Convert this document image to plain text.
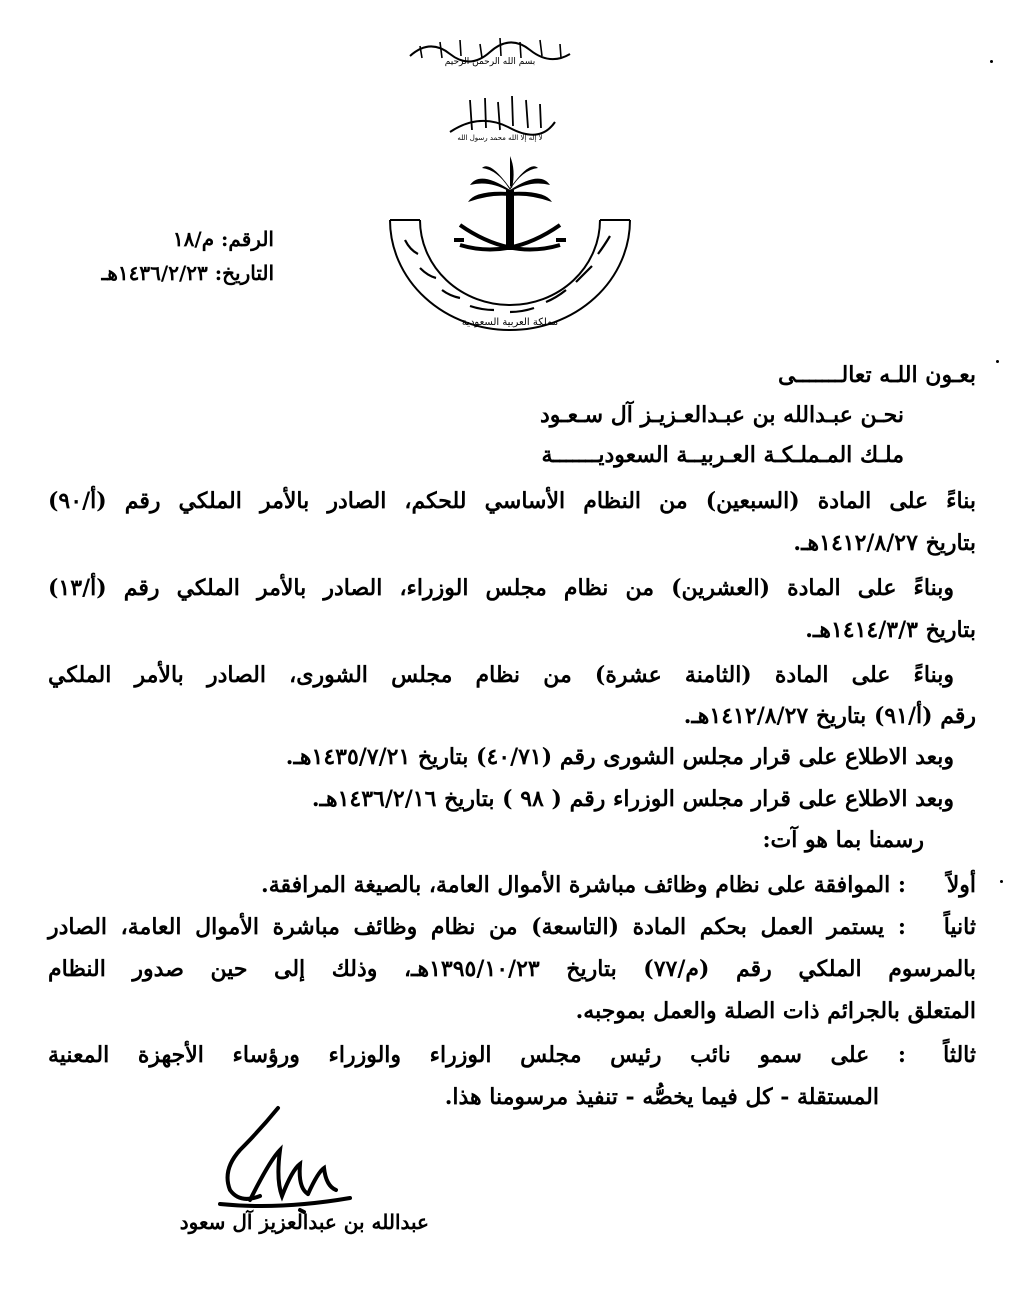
بسم الله الرحمن الرحيم
لا إله إلا الله محمد رسول الله
مملكة العربية السعودية
الرقم: م/١٨
التاريخ: ١٤٣٦/٢/٢٣هـ
بعـون اللـه تعالـــــــى
نحـن عبـدالله بن عبـدالعـزيـز آل سـعـود
ملـك المـملـكـة العـربيــة السعوديـــــــة
بناءً على المادة (السبعين) من النظام الأساسي للحكم، الصادر بالأمر الملكي رقم (أ/٩٠)
بتاريخ ١٤١٢/٨/٢٧هـ.
وبناءً على المادة (العشرين) من نظام مجلس الوزراء، الصادر بالأمر الملكي رقم (أ/١٣)
بتاريخ ١٤١٤/٣/٣هـ.
وبناءً على المادة (الثامنة عشرة) من نظام مجلس الشورى، الصادر بالأمر الملكي
رقم (أ/٩١) بتاريخ ١٤١٢/٨/٢٧هـ.
وبعد الاطلاع على قرار مجلس الشورى رقم (٤٠/٧١) بتاريخ ١٤٣٥/٧/٢١هـ.
وبعد الاطلاع على قرار مجلس الوزراء رقم ( ٩٨ ) بتاريخ ١٤٣٦/٢/١٦هـ.
رسمنا بما هو آت:
أولاً
: الموافقة على نظام وظائف مباشرة الأموال العامة، بالصيغة المرافقة.
ثانياً
: يستمر العمل بحكم المادة (التاسعة) من نظام وظائف مباشرة الأموال العامة، الصادر
بالمرسوم الملكي رقم (م/٧٧) بتاريخ ١٣٩٥/١٠/٢٣هـ، وذلك إلى حين صدور النظام
المتعلق بالجرائم ذات الصلة والعمل بموجبه.
ثالثاً
: على سمو نائب رئيس مجلس الوزراء والوزراء ورؤساء الأجهزة المعنية
المستقلة - كل فيما يخصُّه - تنفيذ مرسومنا هذا.
عبدالله بن عبدالعزيز آل سعود
